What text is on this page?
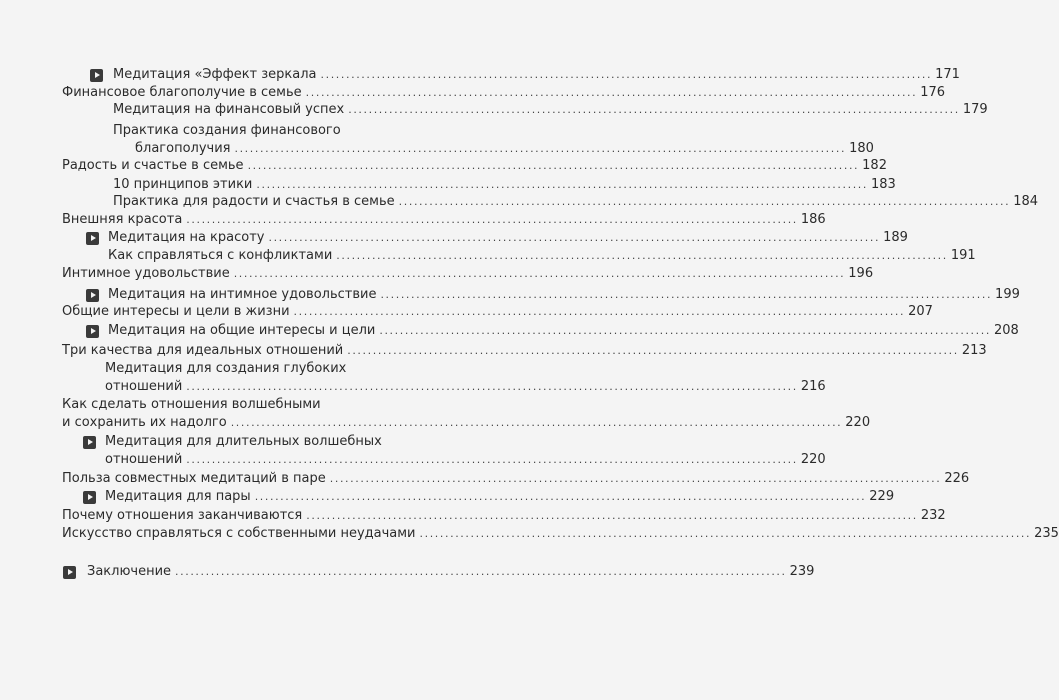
Медитация «Эффект зеркала ........................................................................................................................ 171
Финансовое благополучие в семье ........................................................................................................................ 176
Медитация на финансовый успех ........................................................................................................................ 179
Практика создания финансового
благополучия ........................................................................................................................ 180
Радость и счастье в семье ........................................................................................................................ 182
10 принципов этики ........................................................................................................................ 183
Практика для радости и счастья в семье ........................................................................................................................ 184
Внешняя красота ........................................................................................................................ 186
Медитация на красоту ........................................................................................................................ 189
Как справляться с конфликтами ........................................................................................................................ 191
Интимное удовольствие ........................................................................................................................ 196
Медитация на интимное удовольствие ........................................................................................................................ 199
Общие интересы и цели в жизни ........................................................................................................................ 207
Медитация на общие интересы и цели ........................................................................................................................ 208
Три качества для идеальных отношений ........................................................................................................................ 213
Медитация для создания глубоких
отношений ........................................................................................................................ 216
Как сделать отношения волшебными
и сохранить их надолго ........................................................................................................................ 220
Медитация для длительных волшебных
отношений ........................................................................................................................ 220
Польза совместных медитаций в паре ........................................................................................................................ 226
Медитация для пары ........................................................................................................................ 229
Почему отношения заканчиваются ........................................................................................................................ 232
Искусство справляться с собственными неудачами ........................................................................................................................ 235
Заключение ........................................................................................................................ 239
